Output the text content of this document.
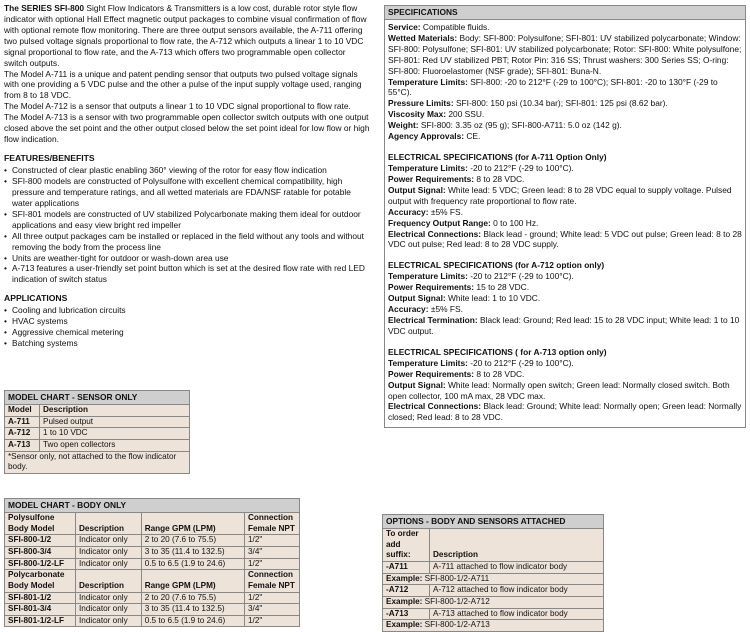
The SERIES SFI-800 Sight Flow Indicators & Transmitters is a low cost, durable rotor style flow indicator with optional Hall Effect magnetic output packages to combine visual confirmation of flow with optional remote flow monitoring. There are three output sensors available, the A-711 offering two pulsed voltage signals proportional to flow rate, the A-712 which outputs a linear 1 to 10 VDC signal proportional to flow rate, and the A-713 which offers two programmable open collector switch outputs.

The Model A-711 is a unique and patent pending sensor that outputs two pulsed voltage signals with one providing a 5 VDC pulse and the other a pulse of the input supply voltage used, ranging from 8 to 18 VDC.

The Model A-712 is a sensor that outputs a linear 1 to 10 VDC signal proportional to flow rate.

The Model A-713 is a sensor with two programmable open collector switch outputs with one output closed above the set point and the other output closed below the set point ideal for low flow or high flow indication.

FEATURES/BENEFITS
• Constructed of clear plastic enabling 360° viewing of the rotor for easy flow indication
• SFI-800 models are constructed of Polysulfone with excellent chemical compatibility, high pressure and temperature ratings, and all wetted materials are FDA/NSF ratable for potable water applications
• SFI-801 models are constructed of UV stabilized Polycarbonate making them ideal for outdoor applications and easy view bright red impeller
• All three output packages cam be installed or replaced in the field without any tools and without removing the body from the process line
• Units are weather-tight for outdoor or wash-down area use
• A-713 features a user-friendly set point button which is set at the desired flow rate with red LED indication of switch status
APPLICATIONS
• Cooling and lubrication circuits
• HVAC systems
• Aggressive chemical metering
• Batching systems
MODEL CHART - SENSOR ONLY
Model	Description
A-711	Pulsed output
A-712	1 to 10 VDC
A-713	Two open collectors
*Sensor only, not attached to the flow indicator body.	
MODEL CHART - BODY ONLY
Polysulfone Body Model	Description	Range GPM (LPM)	Connection Female NPT
SFI-800-1/2	Indicator only	2 to 20 (7.6 to 75.5)	1/2"
SFI-800-3/4	Indicator only	3 to 35 (11.4 to 132.5)	3/4"
SFI-800-1/2-LF	Indicator only	0.5 to 6.5 (1.9 to 24.6)	1/2"
Polycarbonate Body Model	Description	Range GPM (LPM)	Connection Female NPT
SFI-801-1/2	Indicator only	2 to 20 (7.6 to 75.5)	1/2"
SFI-801-3/4	Indicator only	3 to 35 (11.4 to 132.5)	3/4"
SFI-801-1/2-LF	Indicator only	0.5 to 6.5 (1.9 to 24.6)	1/2"
SPECIFICATIONS

Service: Compatible fluids.

Wetted Materials: Body: SFI-800: Polysulfone; SFI-801: UV stabilized polycarbonate; Window: SFI-800: Polysulfone; SFI-801: UV stabilized polycarbonate; Rotor: SFI-800: White polysulfone; SFI-801: Red UV stabilized PBT; Rotor Pin: 316 SS; Thrust washers: 300 Series SS; O-ring: SFI-800: Fluoroelastomer (NSF grade); SFI-801: Buna-N.

Temperature Limits: SFI-800: -20 to 212°F (-29 to 100°C); SFI-801: -20 to 130°F (-29 to 55°C).

Pressure Limits: SFI-800: 150 psi (10.34 bar); SFI-801: 125 psi (8.62 bar).

Viscosity Max: 200 SSU.

Weight: SFI-800: 3.35 oz (95 g); SFI-800-A711: 5.0 oz (142 g).

Agency Approvals: CE.

ELECTRICAL SPECIFICATIONS (for A-711 Option Only)

Temperature Limits: -20 to 212°F (-29 to 100°C).

Power Requirements: 8 to 28 VDC.

Output Signal: White lead: 5 VDC; Green lead: 8 to 28 VDC equal to supply voltage. Pulsed output with frequency rate proportional to flow rate.

Accuracy: ±5% FS.

Frequency Output Range: 0 to 100 Hz.

Electrical Connections: Black lead - ground; White lead: 5 VDC out pulse; Green lead: 8 to 28 VDC out pulse; Red lead: 8 to 28 VDC supply.

ELECTRICAL SPECIFICATIONS (for A-712 option only)

Temperature Limits: -20 to 212°F (-29 to 100°C).

Power Requirements: 15 to 28 VDC.

Output Signal: White lead: 1 to 10 VDC.

Accuracy: ±5% FS.

Electrical Termination: Black lead: Ground; Red lead: 15 to 28 VDC input; White lead: 1 to 10 VDC output.

ELECTRICAL SPECIFICATIONS ( for A-713 option only)

Temperature Limits: -20 to 212°F (-29 to 100°C).

Power Requirements: 8 to 28 VDC.

Output Signal: White lead: Normally open switch; Green lead: Normally closed switch. Both open collector, 100 mA max, 28 VDC max.

Electrical Connections: Black lead: Ground; White lead: Normally open; Green lead: Normally closed; Red lead: 8 to 28 VDC.

OPTIONS - BODY AND SENSORS ATTACHED
To order add suffix:	Description
-A711	A-711 attached to flow indicator body
Example: SFI-800-1/2-A711	
-A712	A-712 attached to flow indicator body
Example: SFI-800-1/2-A712	
-A713	A-713 attached to flow indicator body
Example: SFI-800-1/2-A713	
